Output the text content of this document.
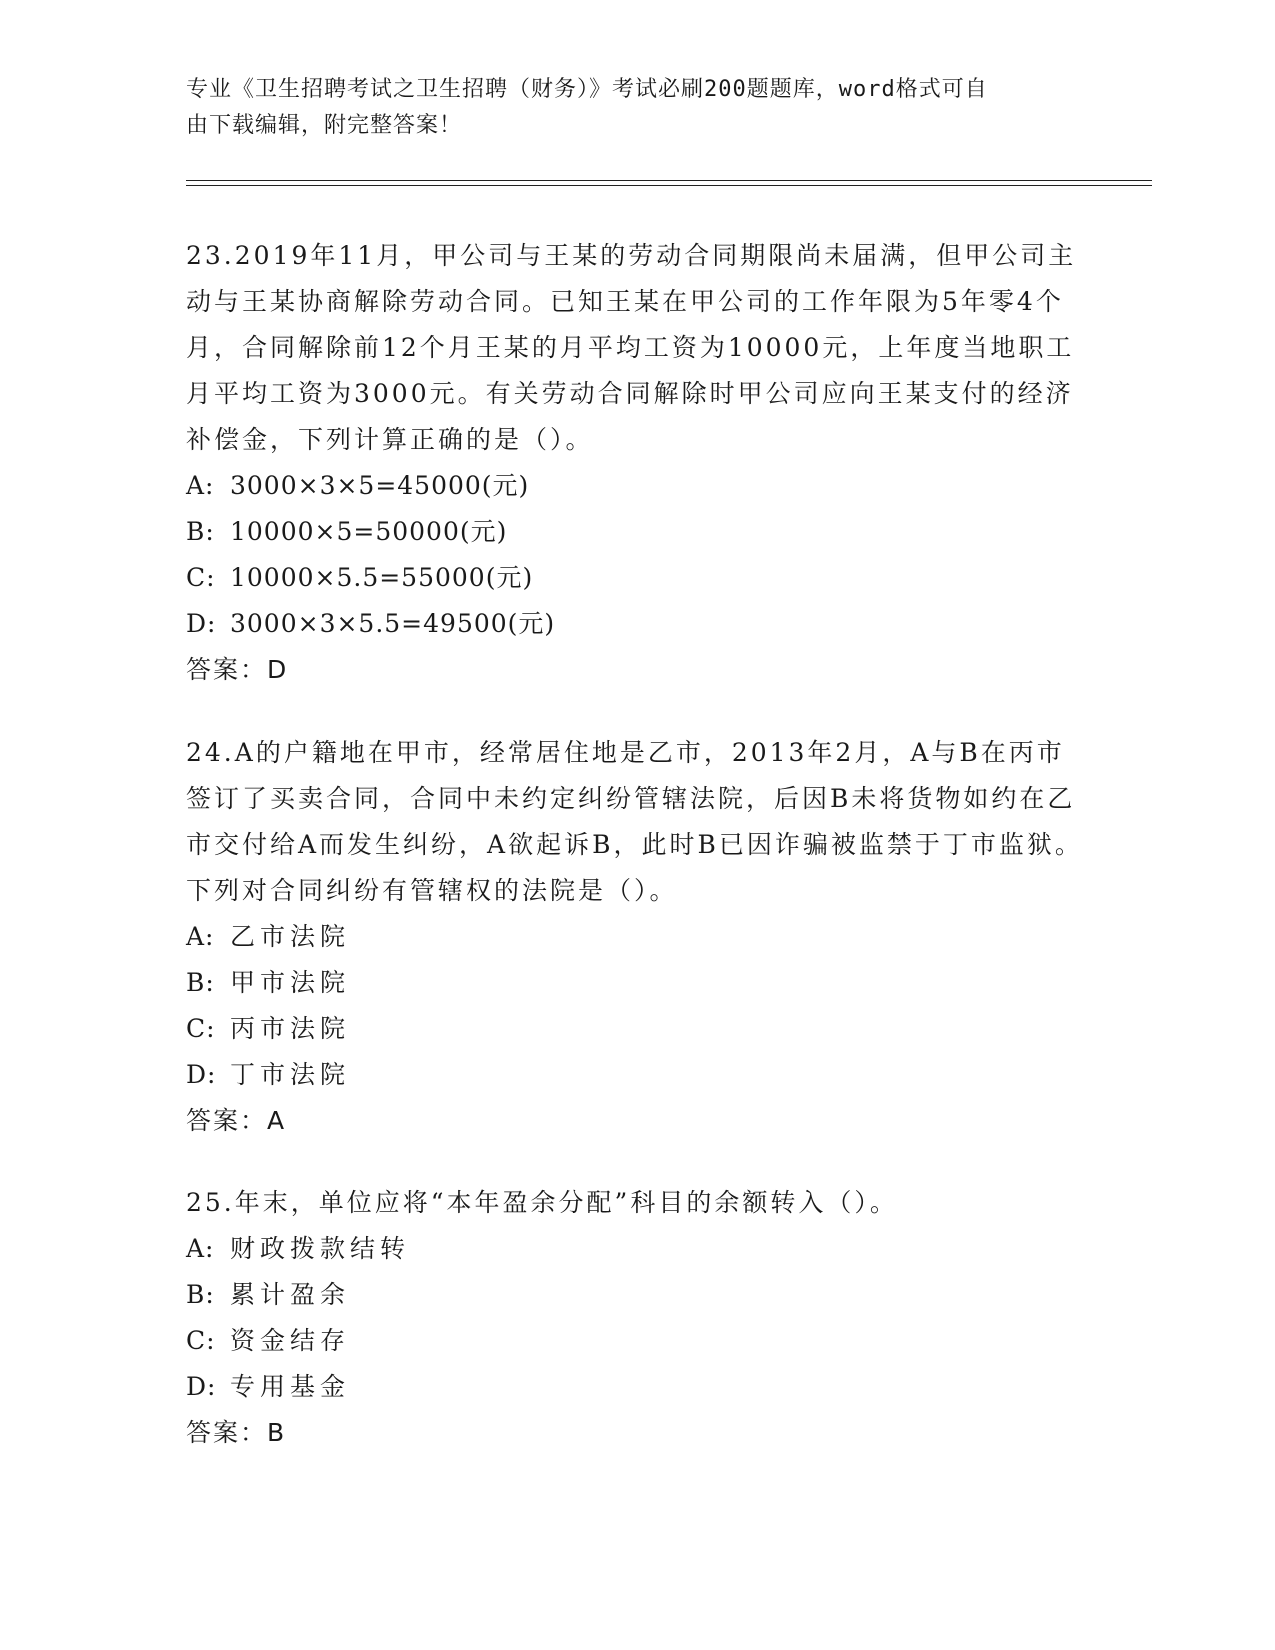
专业《卫生招聘考试之卫生招聘（财务）》考试必刷200题题库，word格式可自
由下载编辑，附完整答案！

23.2019年11月，甲公司与王某的劳动合同期限尚未届满，但甲公司主动与王某协商解除劳动合同。已知王某在甲公司的工作年限为5年零4个月，合同解除前12个月王某的月平均工资为10000元，上年度当地职工月平均工资为3000元。有关劳动合同解除时甲公司应向王某支付的经济补偿金，下列计算正确的是（）。

A: 3000×3×5=45000(元)

B: 10000×5=50000(元)

C: 10000×5.5=55000(元)

D: 3000×3×5.5=49500(元)

答案：D

24.A的户籍地在甲市，经常居住地是乙市，2013年2月，A与B在丙市签订了买卖合同，合同中未约定纠纷管辖法院，后因B未将货物如约在乙市交付给A而发生纠纷，A欲起诉B，此时B已因诈骗被监禁于丁市监狱。下列对合同纠纷有管辖权的法院是（）。

A: 乙市法院

B: 甲市法院

C: 丙市法院

D: 丁市法院

答案：A

25.年末，单位应将“本年盈余分配”科目的余额转入（）。

A: 财政拨款结转

B: 累计盈余

C: 资金结存

D: 专用基金

答案：B
